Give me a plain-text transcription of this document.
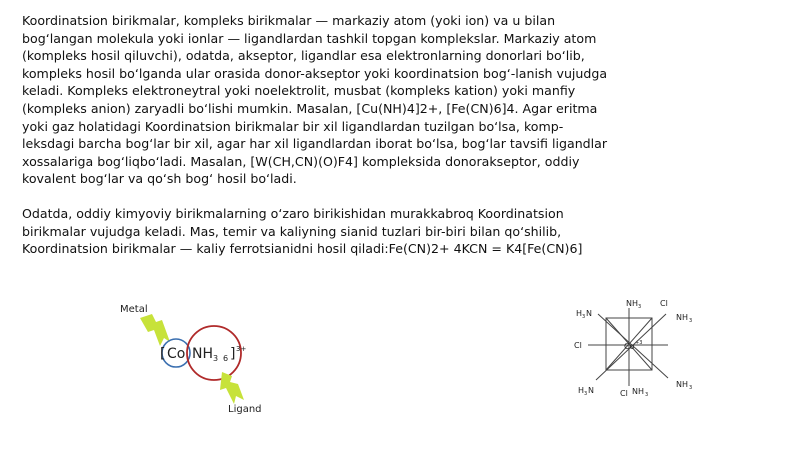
Koordinatsion birikmalar, kompleks birikmalar — markaziy atom (yoki ion) va u bilan bogʻlangan molekula yoki ionlar — ligandlardan tashkil topgan komplekslar. Markaziy atom (kompleks hosil qiluvchi), odatda, akseptor, ligandlar esa elektronlarning donorlari boʻlib, kompleks hosil boʻlganda ular orasida donor-akseptor yoki koordinatsion bogʻ-lanish vujudga keladi. Kompleks elektroneytral yoki noelektrolit, musbat (kompleks kation) yoki manfiy (kompleks anion) zaryadli boʻlishi mumkin. Masalan, [Cu(NH)4]2+, [Fe(CN)6]4. Agar eritma yoki gaz holatidagi Koordinatsion birikmalar bir xil ligandlardan tuzilgan boʻlsa, komp-leksdagi barcha bogʻlar bir xil, agar har xil ligandlardan iborat boʻlsa, bogʻlar tavsifi ligandlar xossalariga bogʻliqboʻladi. Masalan, [W(CH,CN)(O)F4] kompleksida donorakseptor, oddiy kovalent bogʻlar va qoʻsh bogʻ hosil boʻladi.

Odatda, oddiy kimyoviy birikmalarning oʻzaro birikishidan murakkabroq Koordinatsion birikmalar vujudga keladi. Mas, temir va kaliyning sianid tuzlari bir-biri bilan qoʻshilib, Koordinatsion birikmalar — kaliy ferrotsianidni hosil qiladi:Fe(CN)2+ 4KCN = K4[Fe(CN)6]

Metal
[ Co NH 3 6 ] 3+
Ligand
Co +3
NH 3 Cl
H 3 N	NH 3
Cl
H 3 N	Cl NH 3
NH 3
